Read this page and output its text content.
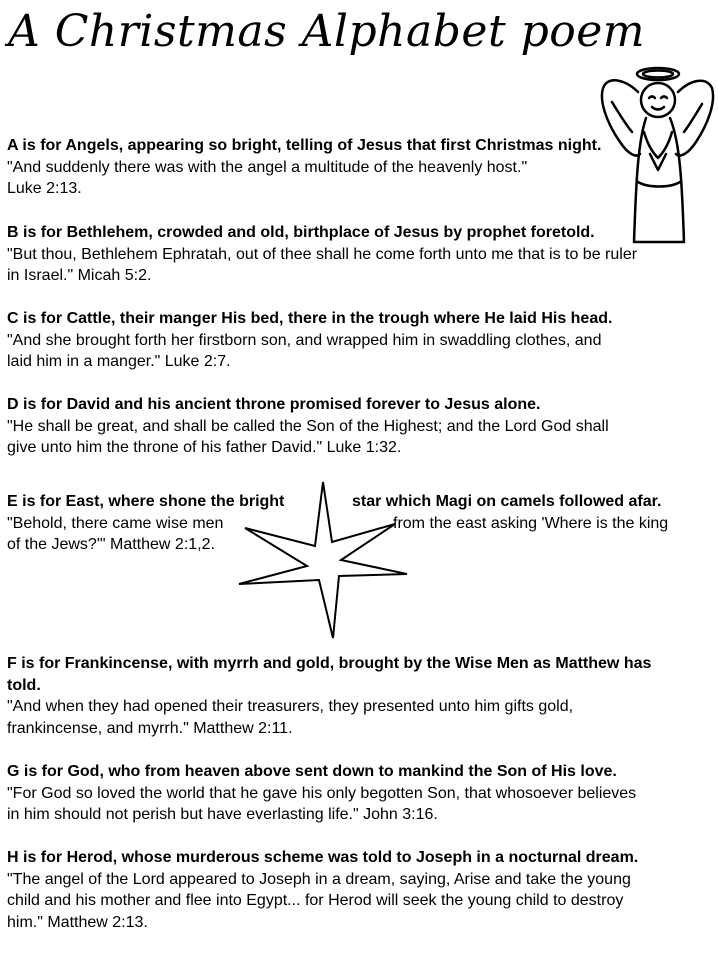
A Christmas Alphabet poem
A is for Angels, appearing so bright, telling of Jesus that first Christmas night.
"And suddenly there was with the angel a multitude of the heavenly host."
Luke 2:13.
B is for Bethlehem, crowded and old, birthplace of Jesus by prophet foretold.
"But thou, Bethlehem Ephratah, out of thee shall he come forth unto me that is to be ruler
in Israel." Micah 5:2.
C is for Cattle, their manger His bed, there in the trough where He laid His head.
"And she brought forth her firstborn son, and wrapped him in swaddling clothes, and
laid him in a manger." Luke 2:7.
D is for David and his ancient throne promised forever to Jesus alone.
"He shall be great, and shall be called the Son of the Highest; and the Lord God shall
give unto him the throne of his father David." Luke 1:32.
E is for East, where shone the bright	star which Magi on camels followed afar.
"Behold, there came wise men	from the east asking 'Where is the king
of the Jews?'" Matthew 2:1,2.
F is for Frankincense, with myrrh and gold, brought by the Wise Men as Matthew has
told.
"And when they had opened their treasurers, they presented unto him gifts gold,
frankincense, and myrrh." Matthew 2:11.
G is for God, who from heaven above sent down to mankind the Son of His love.
"For God so loved the world that he gave his only begotten Son, that whosoever believes
in him should not perish but have everlasting life." John 3:16.
H is for Herod, whose murderous scheme was told to Joseph in a nocturnal dream.
"The angel of the Lord appeared to Joseph in a dream, saying, Arise and take the young
child and his mother and flee into Egypt... for Herod will seek the young child to destroy
him." Matthew 2:13.
